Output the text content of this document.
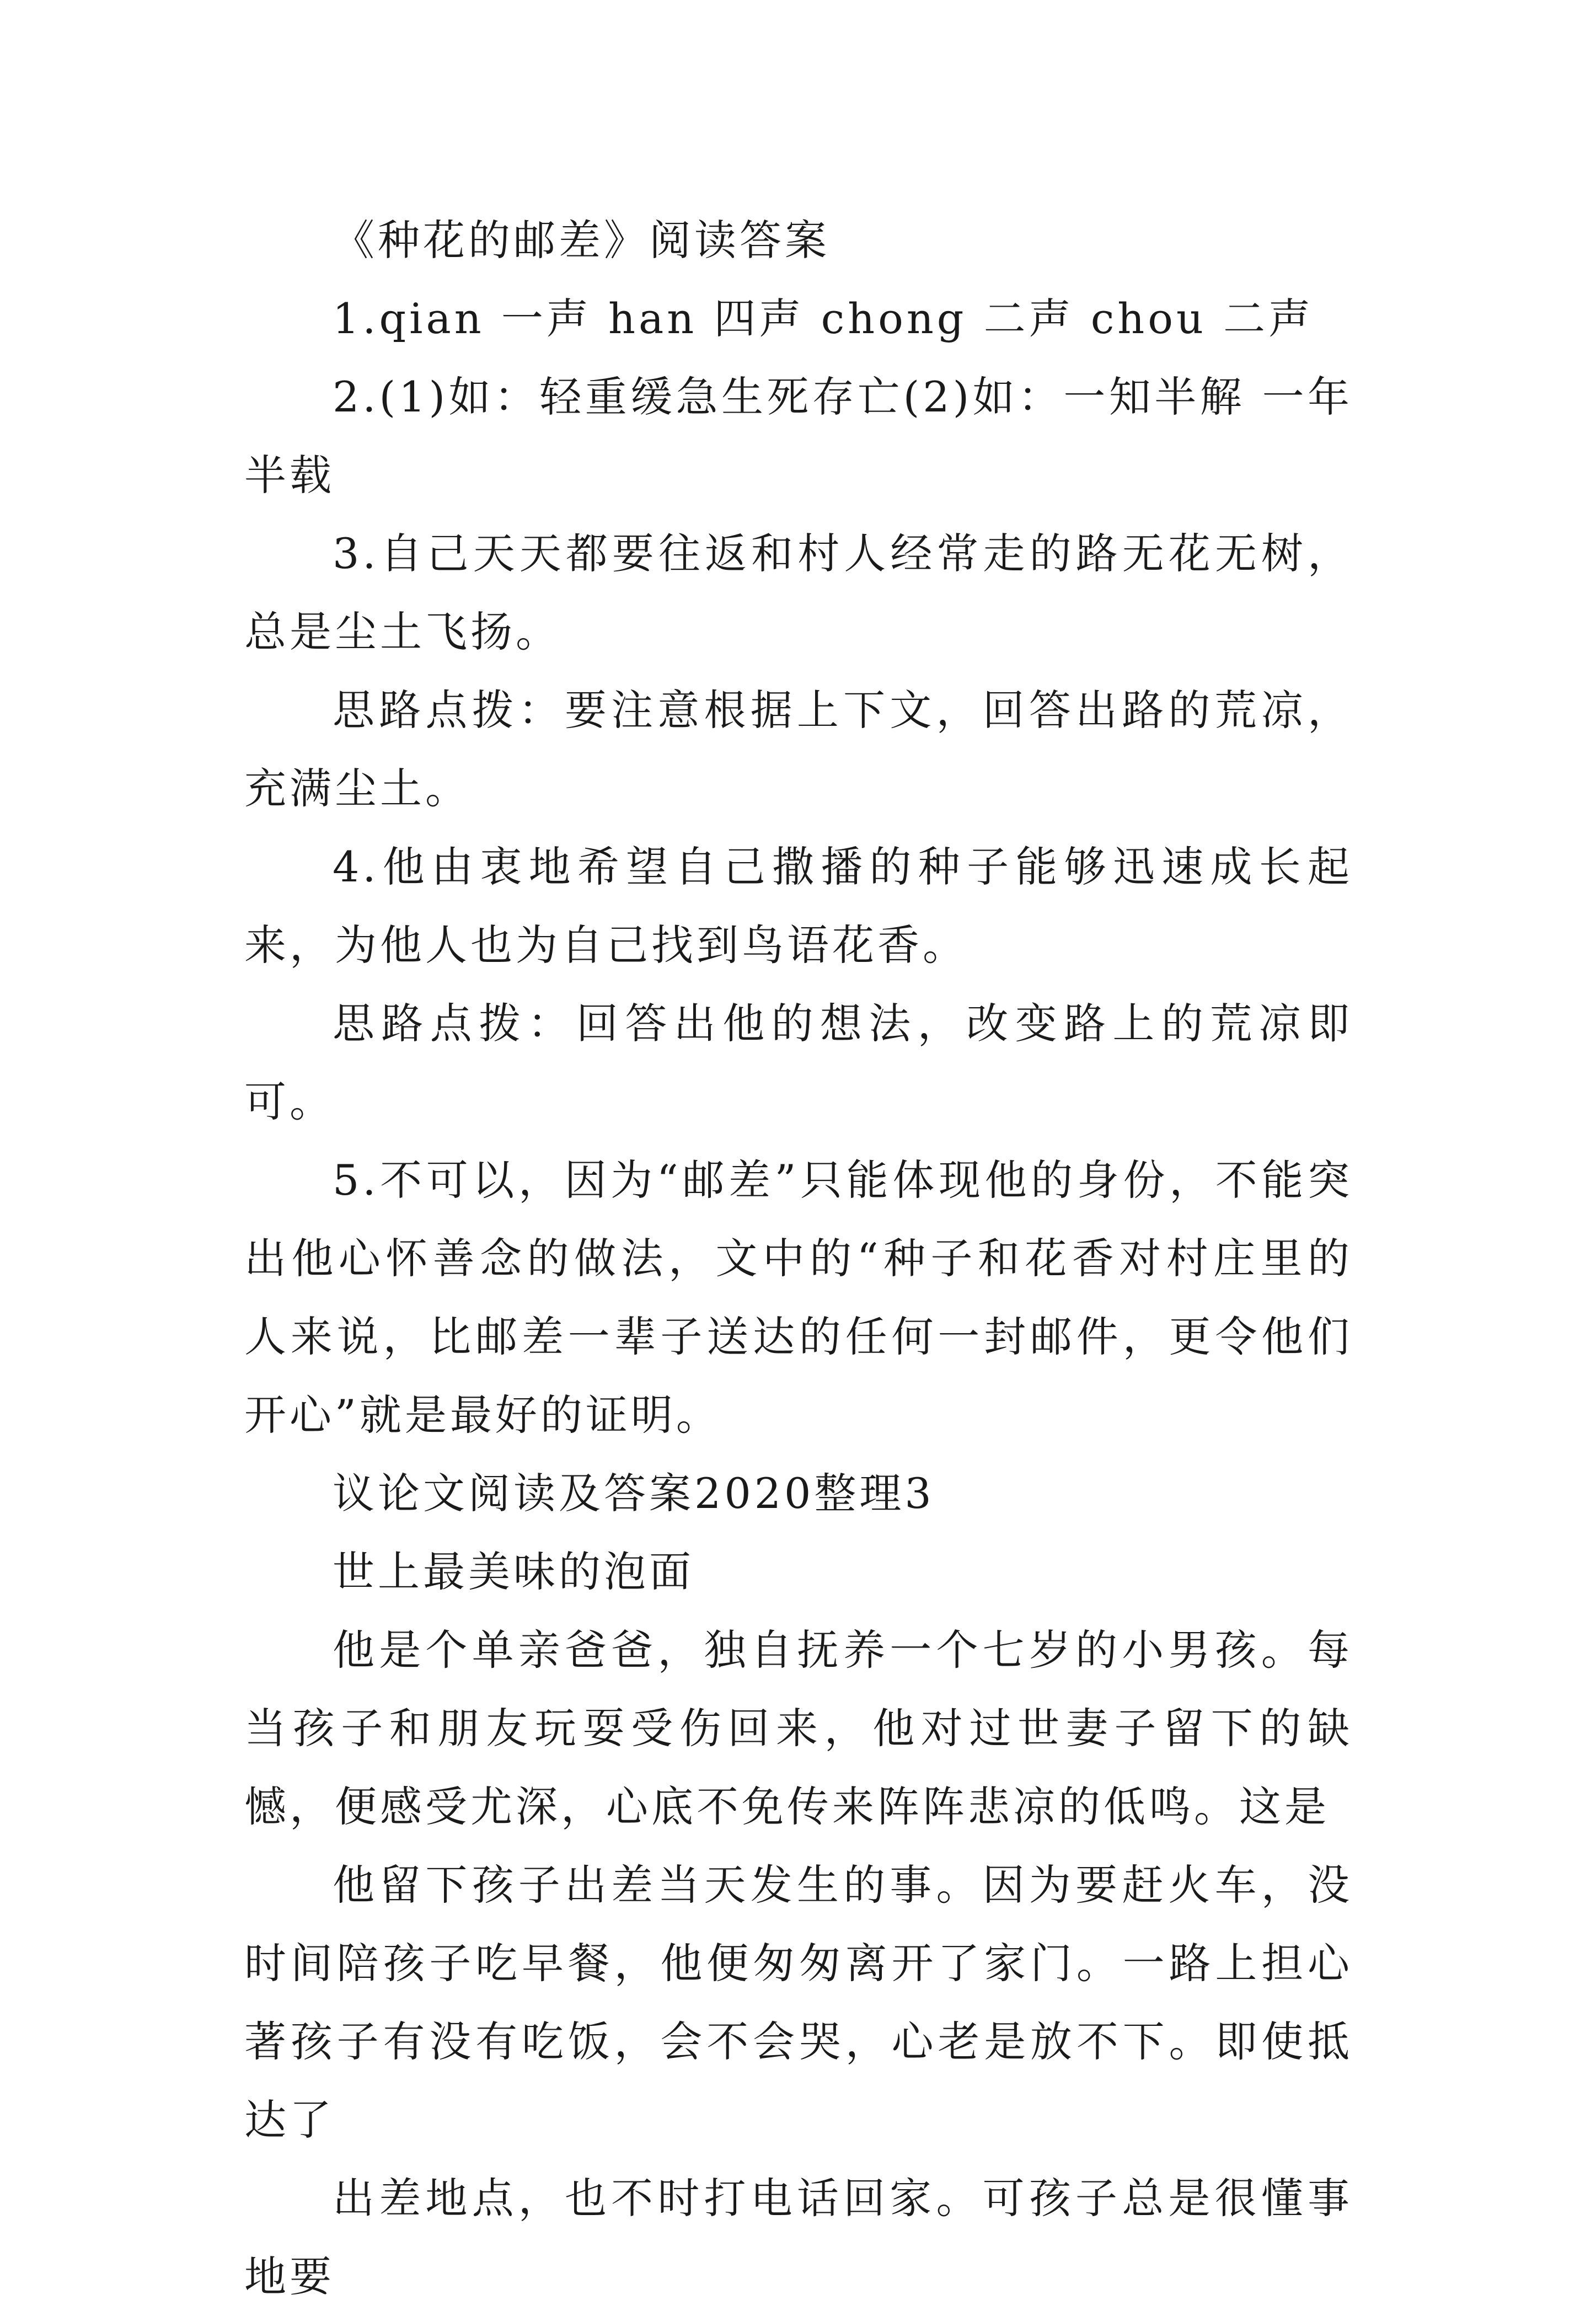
《种花的邮差》阅读答案

1.qian 一声 han 四声 chong 二声 chou 二声

2.(1)如：轻重缓急生死存亡(2)如：一知半解 一年半载

3.自己天天都要往返和村人经常走的路无花无树，总是尘土飞扬。

思路点拨：要注意根据上下文，回答出路的荒凉，充满尘土。

4.他由衷地希望自己撒播的种子能够迅速成长起来，为他人也为自己找到鸟语花香。

思路点拨：回答出他的想法，改变路上的荒凉即可。

5.不可以，因为“邮差”只能体现他的身份，不能突出他心怀善念的做法，文中的“种子和花香对村庄里的人来说，比邮差一辈子送达的任何一封邮件，更令他们开心”就是最好的证明。

议论文阅读及答案2020整理3

世上最美味的泡面

他是个单亲爸爸，独自抚养一个七岁的小男孩。每当孩子和朋友玩耍受伤回来，他对过世妻子留下的缺憾，便感受尤深，心底不免传来阵阵悲凉的低鸣。这是

他留下孩子出差当天发生的事。因为要赶火车，没时间陪孩子吃早餐，他便匆匆离开了家门。一路上担心著孩子有没有吃饭，会不会哭，心老是放不下。即使抵达了

出差地点，也不时打电话回家。可孩子总是很懂事地要
